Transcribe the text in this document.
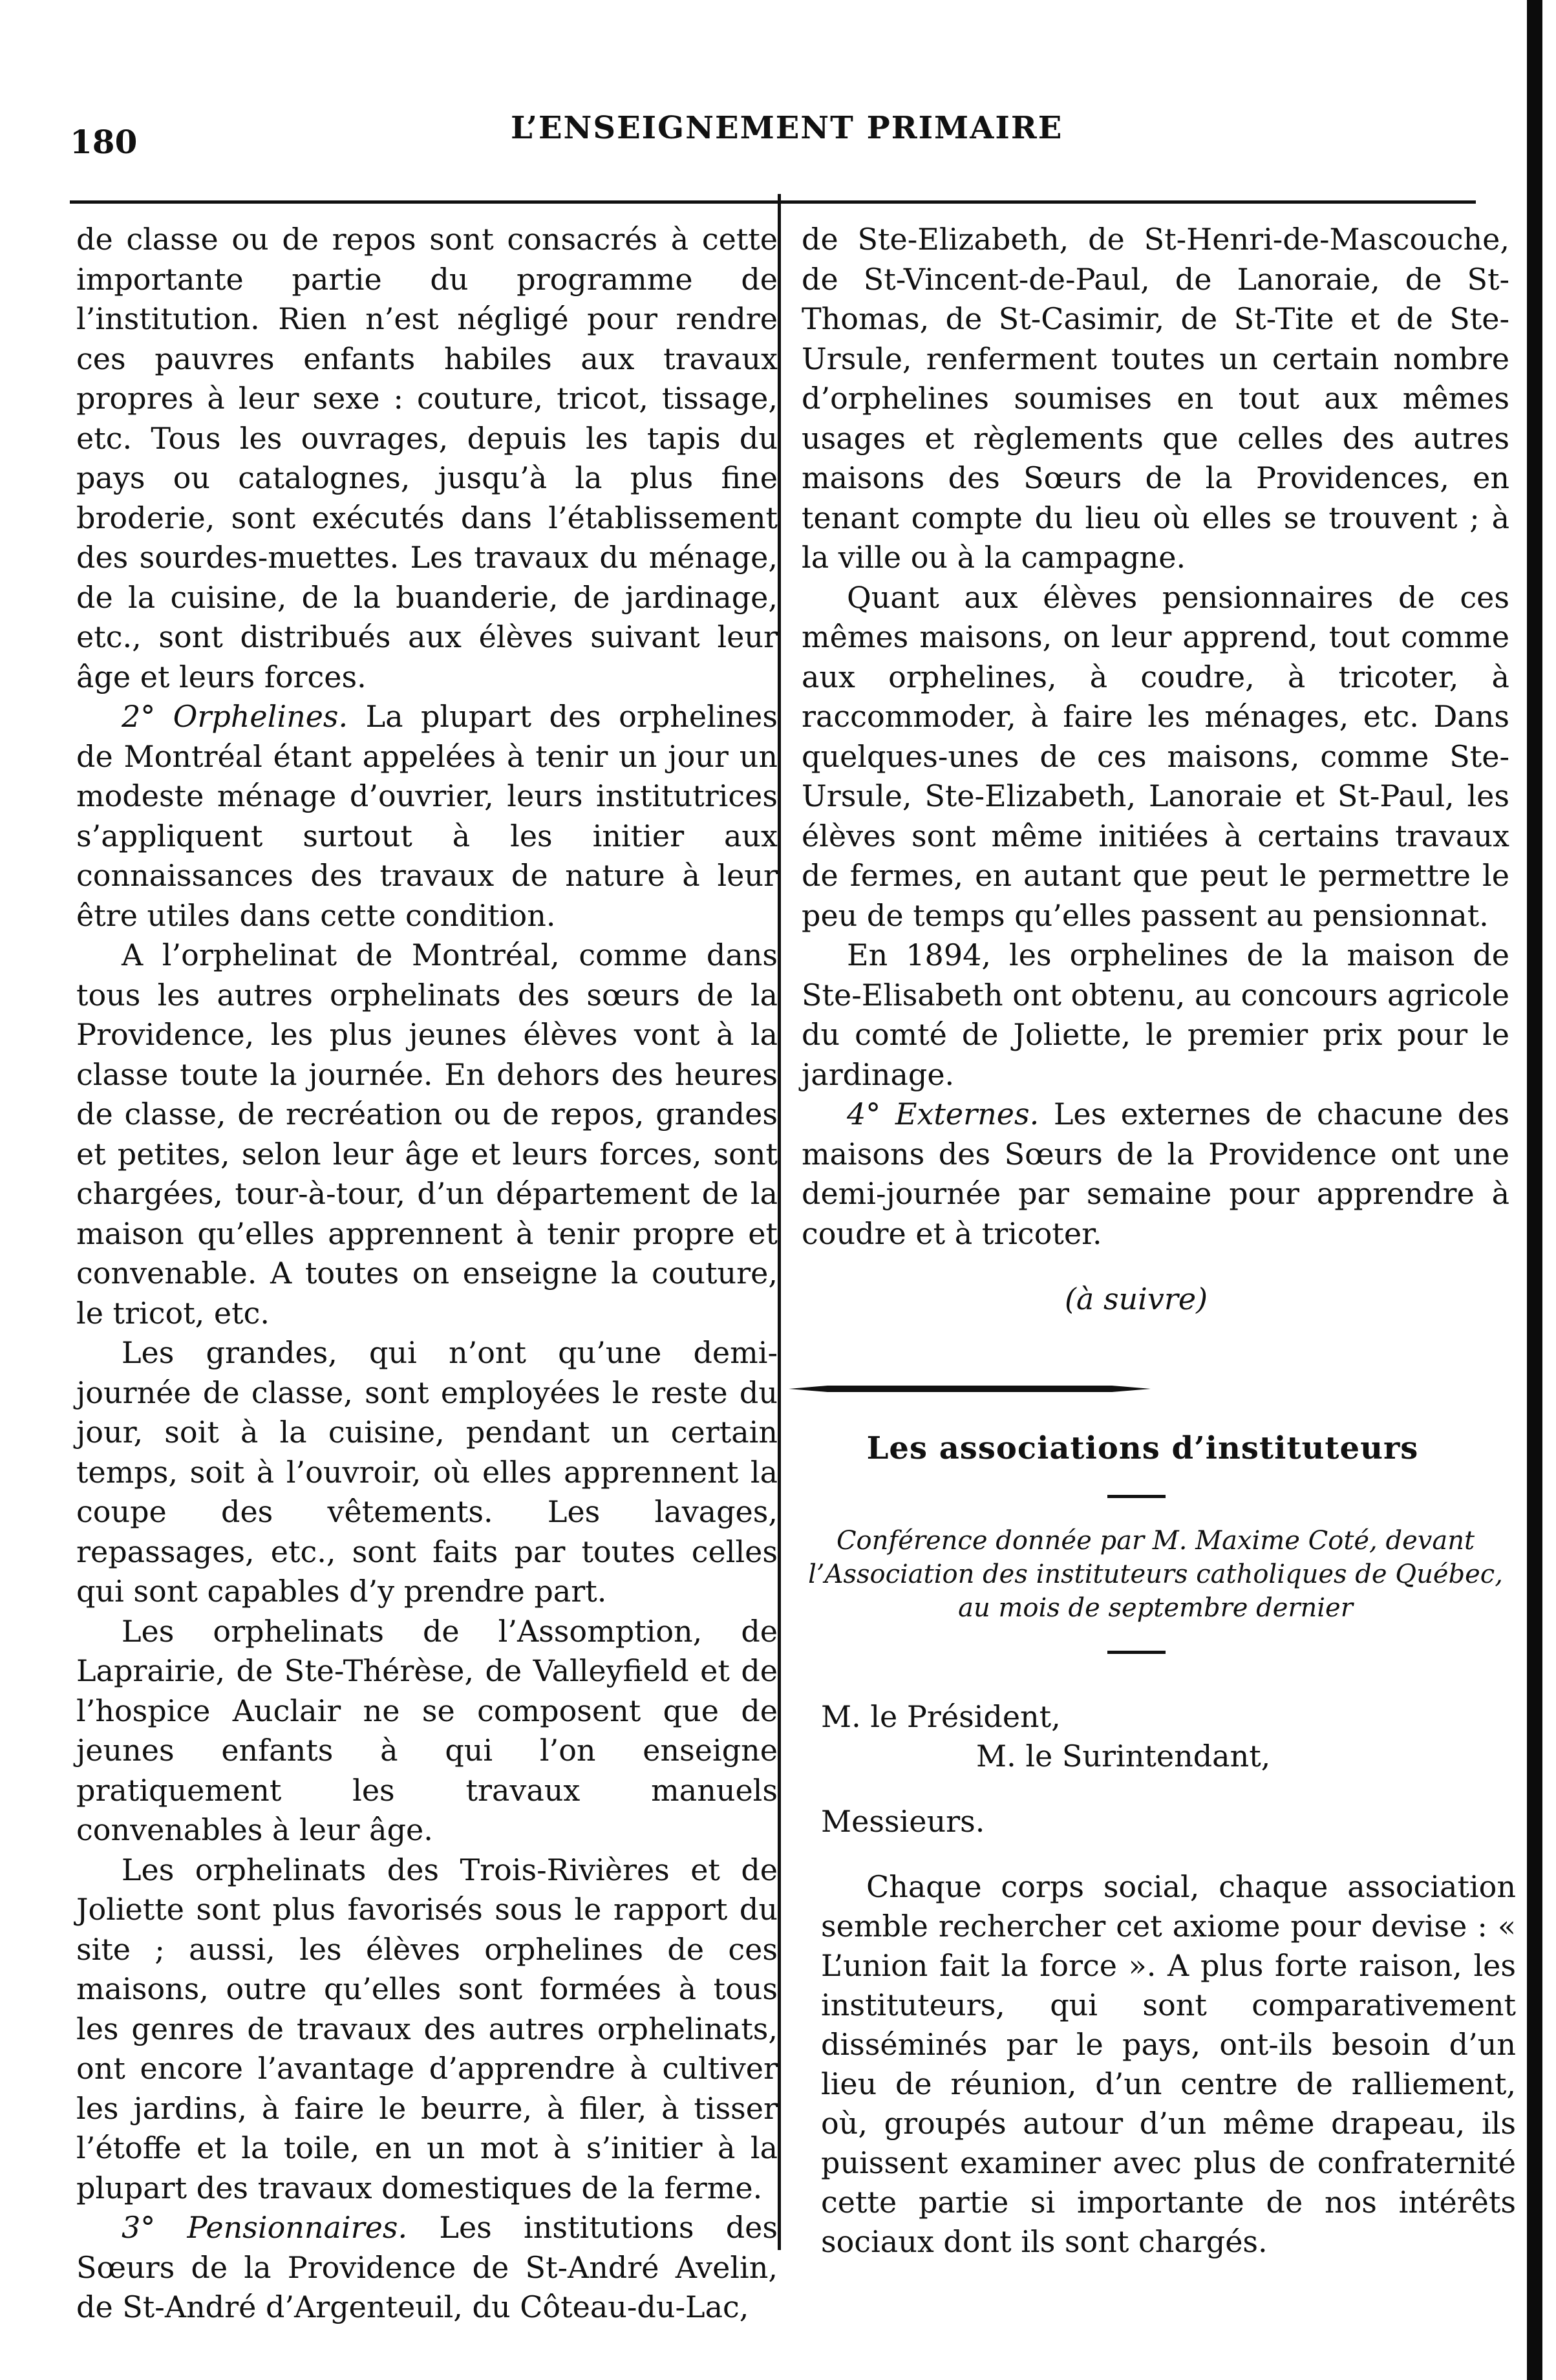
180	L’ENSEIGNEMENT PRIMAIRE

de classe ou de repos sont consacrés à cette importante partie du programme de l’institution. Rien n’est négligé pour rendre ces pauvres enfants habiles aux travaux propres à leur sexe : couture, tricot, tissage, etc. Tous les ouvrages, depuis les tapis du pays ou catalognes, jusqu’à la plus fine broderie, sont exécutés dans l’établissement des sourdes-muettes. Les travaux du ménage, de la cuisine, de la buanderie, de jardinage, etc., sont distribués aux élèves suivant leur âge et leurs forces.

2° Orphelines. La plupart des orphelines de Montréal étant appelées à tenir un jour un modeste ménage d’ouvrier, leurs institutrices s’appliquent surtout à les initier aux connaissances des travaux de nature à leur être utiles dans cette condition.

A l’orphelinat de Montréal, comme dans tous les autres orphelinats des sœurs de la Providence, les plus jeunes élèves vont à la classe toute la journée. En dehors des heures de classe, de recréation ou de repos, grandes et petites, selon leur âge et leurs forces, sont chargées, tour-à-tour, d’un département de la maison qu’elles apprennent à tenir propre et convenable. A toutes on enseigne la couture, le tricot, etc.

Les grandes, qui n’ont qu’une demi-journée de classe, sont employées le reste du jour, soit à la cuisine, pendant un certain temps, soit à l’ouvroir, où elles apprennent la coupe des vêtements. Les lavages, repassages, etc., sont faits par toutes celles qui sont capables d’y prendre part.

Les orphelinats de l’Assomption, de Laprairie, de Ste-Thérèse, de Valleyfield et de l’hospice Auclair ne se composent que de jeunes enfants à qui l’on enseigne pratiquement les travaux manuels convenables à leur âge.

Les orphelinats des Trois-Rivières et de Joliette sont plus favorisés sous le rapport du site ; aussi, les élèves orphelines de ces maisons, outre qu’elles sont formées à tous les genres de travaux des autres orphelinats, ont encore l’avantage d’apprendre à cultiver les jardins, à faire le beurre, à filer, à tisser l’étoffe et la toile, en un mot à s’initier à la plupart des travaux domestiques de la ferme.

3° Pensionnaires. Les institutions des Sœurs de la Providence de St-André Avelin, de St-André d’Argenteuil, du Côteau-du-Lac,

de Ste-Elizabeth, de St-Henri-de-Mascouche, de St-Vincent-de-Paul, de Lanoraie, de St-Thomas, de St-Casimir, de St-Tite et de Ste-Ursule, renferment toutes un certain nombre d’orphelines soumises en tout aux mêmes usages et règlements que celles des autres maisons des Sœurs de la Providences, en tenant compte du lieu où elles se trouvent ; à la ville ou à la campagne.

Quant aux élèves pensionnaires de ces mêmes maisons, on leur apprend, tout comme aux orphelines, à coudre, à tricoter, à raccommoder, à faire les ménages, etc. Dans quelques-unes de ces maisons, comme Ste-Ursule, Ste-Elizabeth, Lanoraie et St-Paul, les élèves sont même initiées à certains travaux de fermes, en autant que peut le permettre le peu de temps qu’elles passent au pensionnat.

En 1894, les orphelines de la maison de Ste-Elisabeth ont obtenu, au concours agricole du comté de Joliette, le premier prix pour le jardinage.

4° Externes. Les externes de chacune des maisons des Sœurs de la Providence ont une demi-journée par semaine pour apprendre à coudre et à tricoter.

(à suivre)
Les associations d’instituteurs
Conférence donnée par M. Maxime Coté, devant l’Association des instituteurs catholiques de Québec, au mois de septembre dernier
M. le Président,
M. le Surintendant,
Messieurs.

Chaque corps social, chaque association semble rechercher cet axiome pour devise : « L’union fait la force ». A plus forte raison, les instituteurs, qui sont comparativement disséminés par le pays, ont-ils besoin d’un lieu de réunion, d’un centre de ralliement, où, groupés autour d’un même drapeau, ils puissent examiner avec plus de confraternité cette partie si importante de nos intérêts sociaux dont ils sont chargés.
